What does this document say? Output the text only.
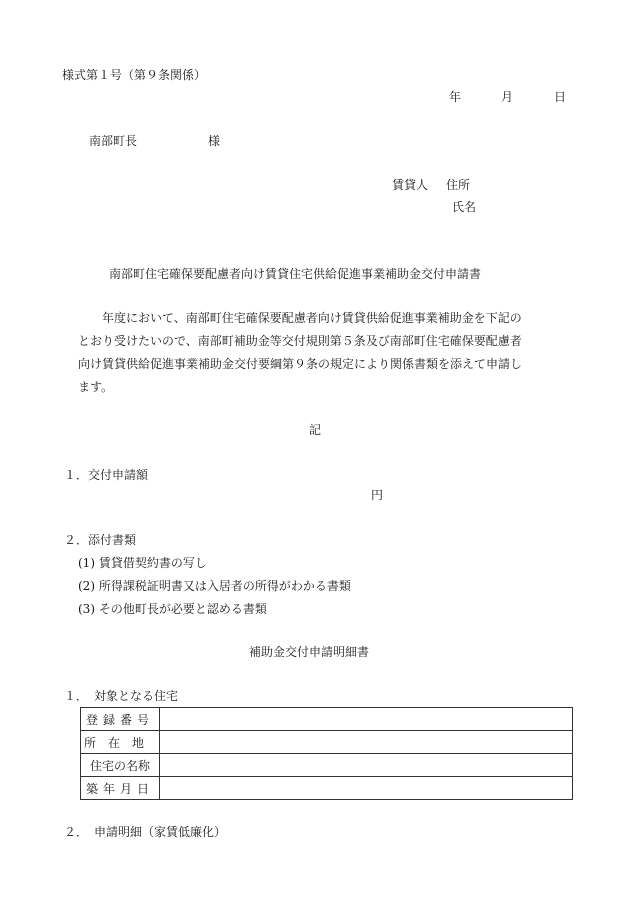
様式第１号（第９条関係）
年	月	日
南部町長	様
賃貸人 住所
氏名
南部町住宅確保要配慮者向け賃貸住宅供給促進事業補助金交付申請書
年度において、南部町住宅確保要配慮者向け賃貸供給促進事業補助金を下記の
とおり受けたいので、南部町補助金等交付規則第５条及び南部町住宅確保要配慮者
向け賃貸供給促進事業補助金交付要綱第９条の規定により関係書類を添えて申請し
ます。
記
１．交付申請額
円
２．添付書類
(1) 賃貸借契約書の写し
(2) 所得課税証明書又は入居者の所得がわかる書類
(3) その他町長が必要と認める書類
補助金交付申請明細書
１．　対象となる住宅
登録番号	
所在地	
住宅の名称	
築年月日	
２．　申請明細（家賃低廉化）
